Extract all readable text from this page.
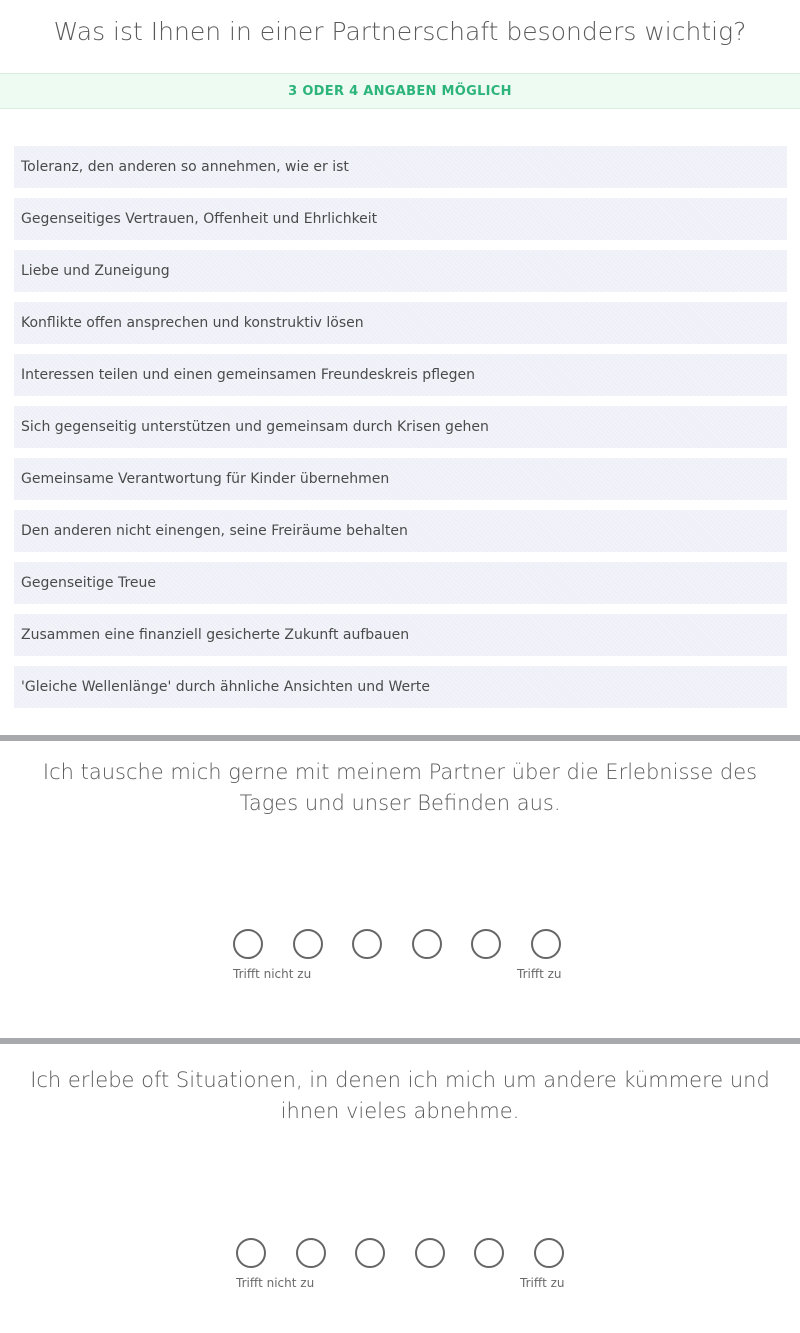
Was ist Ihnen in einer Partnerschaft besonders wichtig?
3 ODER 4 ANGABEN MÖGLICH
Toleranz, den anderen so annehmen, wie er ist
Gegenseitiges Vertrauen, Offenheit und Ehrlichkeit
Liebe und Zuneigung
Konflikte offen ansprechen und konstruktiv lösen
Interessen teilen und einen gemeinsamen Freundeskreis pflegen
Sich gegenseitig unterstützen und gemeinsam durch Krisen gehen
Gemeinsame Verantwortung für Kinder übernehmen
Den anderen nicht einengen, seine Freiräume behalten
Gegenseitige Treue
Zusammen eine finanziell gesicherte Zukunft aufbauen
'Gleiche Wellenlänge' durch ähnliche Ansichten und Werte
Ich tausche mich gerne mit meinem Partner über die Erlebnisse des Tages und unser Befinden aus.
Trifft nicht zu	Trifft zu
Ich erlebe oft Situationen, in denen ich mich um andere kümmere und ihnen vieles abnehme.
Trifft nicht zu	Trifft zu
